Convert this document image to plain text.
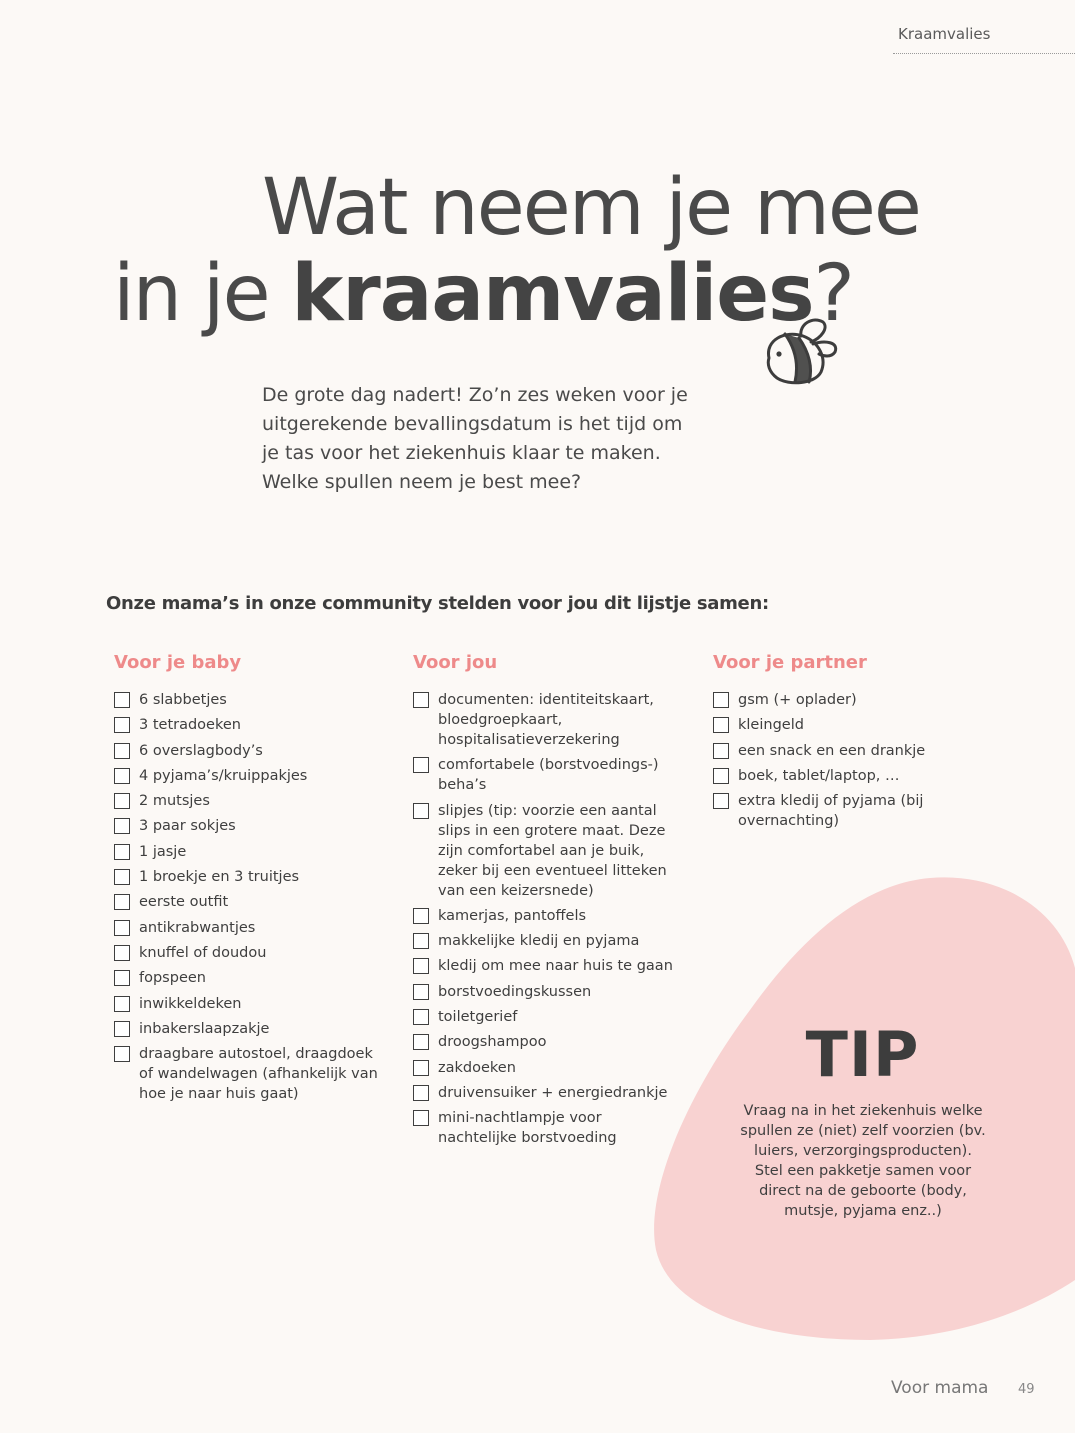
Kraamvalies
Wat neem je mee
in je kraamvalies?

De grote dag nadert! Zo’n zes weken voor je uitgerekende bevallingsdatum is het tijd om je tas voor het ziekenhuis klaar te maken. Welke spullen neem je best mee?

Onze mama’s in onze community stelden voor jou dit lijstje samen:

Voor je baby
6 slabbetjes
3 tetradoeken
6 overslagbody’s
4 pyjama’s/kruippakjes
2 mutsjes
3 paar sokjes
1 jasje
1 broekje en 3 truitjes
eerste outfit
antikrabwantjes
knuffel of doudou
fopspeen
inwikkeldeken
inbakerslaapzakje
draagbare autostoel, draagdoek of wandelwagen (afhankelijk van hoe je naar huis gaat)
Voor jou
documenten: identiteitskaart, bloedgroepkaart, hospitalisatieverzekering
comfortabele (borstvoedings-) beha’s
slipjes (tip: voorzie een aantal slips in een grotere maat. Deze zijn comfortabel aan je buik, zeker bij een eventueel litteken van een keizersnede)
kamerjas, pantoffels
makkelijke kledij en pyjama
kledij om mee naar huis te gaan
borstvoedingskussen
toiletgerief
droogshampoo
zakdoeken
druivensuiker + energiedrankje
mini-nachtlampje voor nachtelijke borstvoeding
Voor je partner
gsm (+ oplader)
kleingeld
een snack en een drankje
boek, tablet/laptop, …
extra kledij of pyjama (bij overnachting)
TIP

Vraag na in het ziekenhuis welke spullen ze (niet) zelf voorzien (bv. luiers, verzorgingsproducten). Stel een pakketje samen voor direct na de geboorte (body, mutsje, pyjama enz..)

Voor mama 49
